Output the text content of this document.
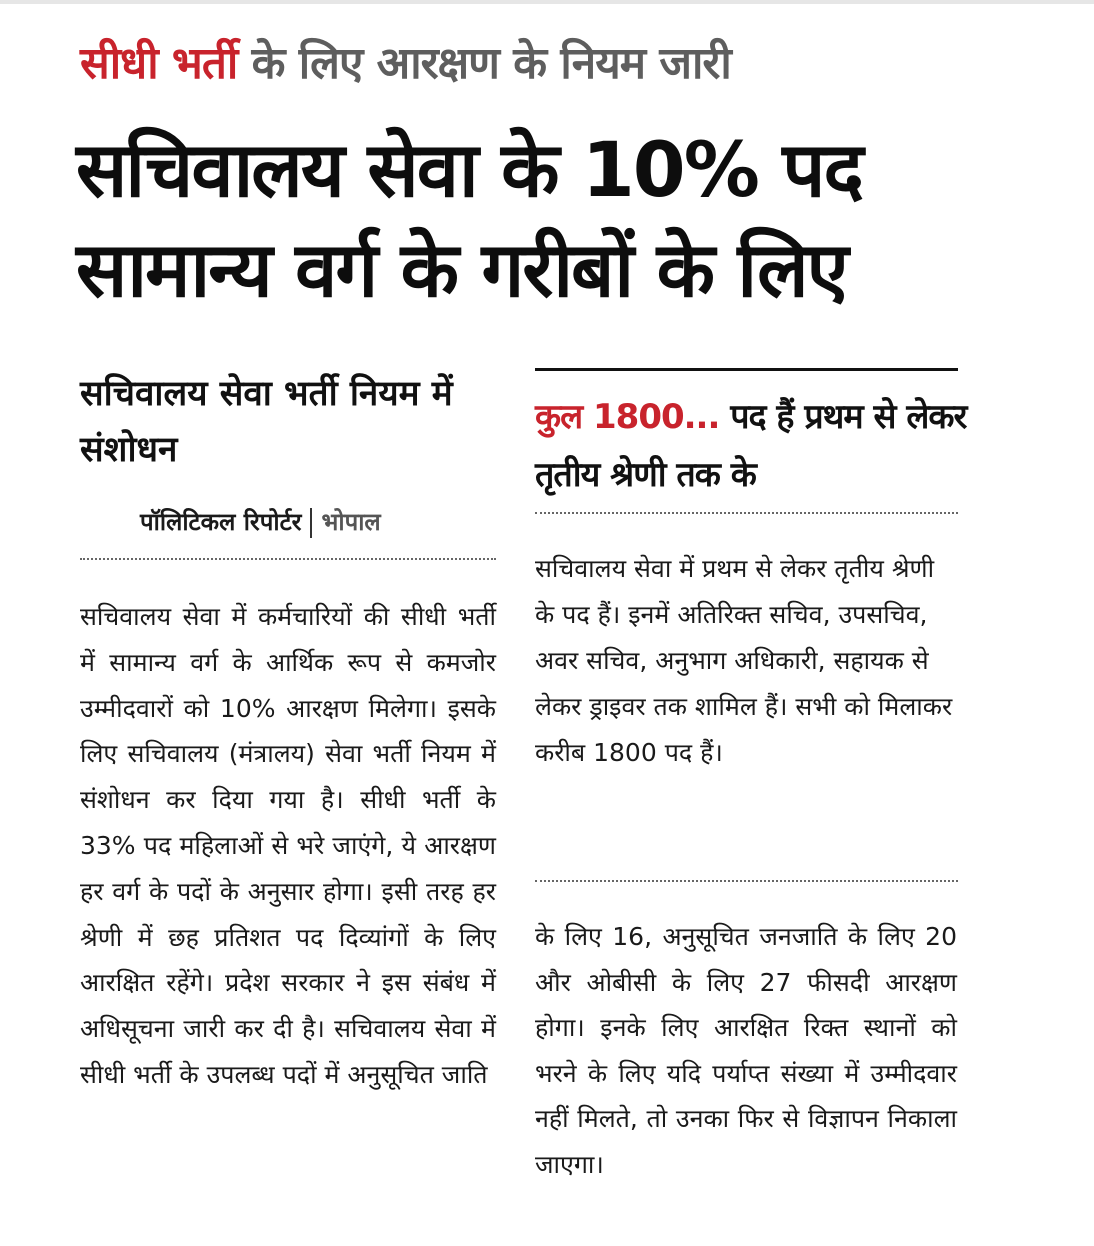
सीधी भर्ती के लिए आरक्षण के नियम जारी
सचिवालय सेवा के 10% पद
सामान्य वर्ग के गरीबों के लिए
सचिवालय सेवा भर्ती नियम में संशोधन
पॉलिटिकल रिपोर्टर भोपाल
सचिवालय सेवा में कर्मचारियों की सीधी भर्ती में सामान्य वर्ग के आर्थिक रूप से कमजोर उम्मीदवारों को 10% आरक्षण मिलेगा। इसके लिए सचिवालय (मंत्रालय) सेवा भर्ती नियम में संशोधन कर दिया गया है। सीधी भर्ती के 33% पद महिलाओं से भरे जाएंगे, ये आरक्षण हर वर्ग के पदों के अनुसार होगा। इसी तरह हर श्रेणी में छह प्रतिशत पद दिव्यांगों के लिए आरक्षित रहेंगे। प्रदेश सरकार ने इस संबंध में अधिसूचना जारी कर दी है। सचिवालय सेवा में सीधी भर्ती के उपलब्ध पदों में अनुसूचित जाति
कुल 1800... पद हैं प्रथम से लेकर तृतीय श्रेणी तक के
सचिवालय सेवा में प्रथम से लेकर तृतीय श्रेणी के पद हैं। इनमें अतिरिक्त सचिव, उपसचिव, अवर सचिव, अनुभाग अधिकारी, सहायक से लेकर ड्राइवर तक शामिल हैं। सभी को मिलाकर करीब 1800 पद हैं।
के लिए 16, अनुसूचित जनजाति के लिए 20 और ओबीसी के लिए 27 फीसदी आरक्षण होगा। इनके लिए आरक्षित रिक्त स्थानों को भरने के लिए यदि पर्याप्त संख्या में उम्मीदवार नहीं मिलते, तो उनका फिर से विज्ञापन निकाला जाएगा।
